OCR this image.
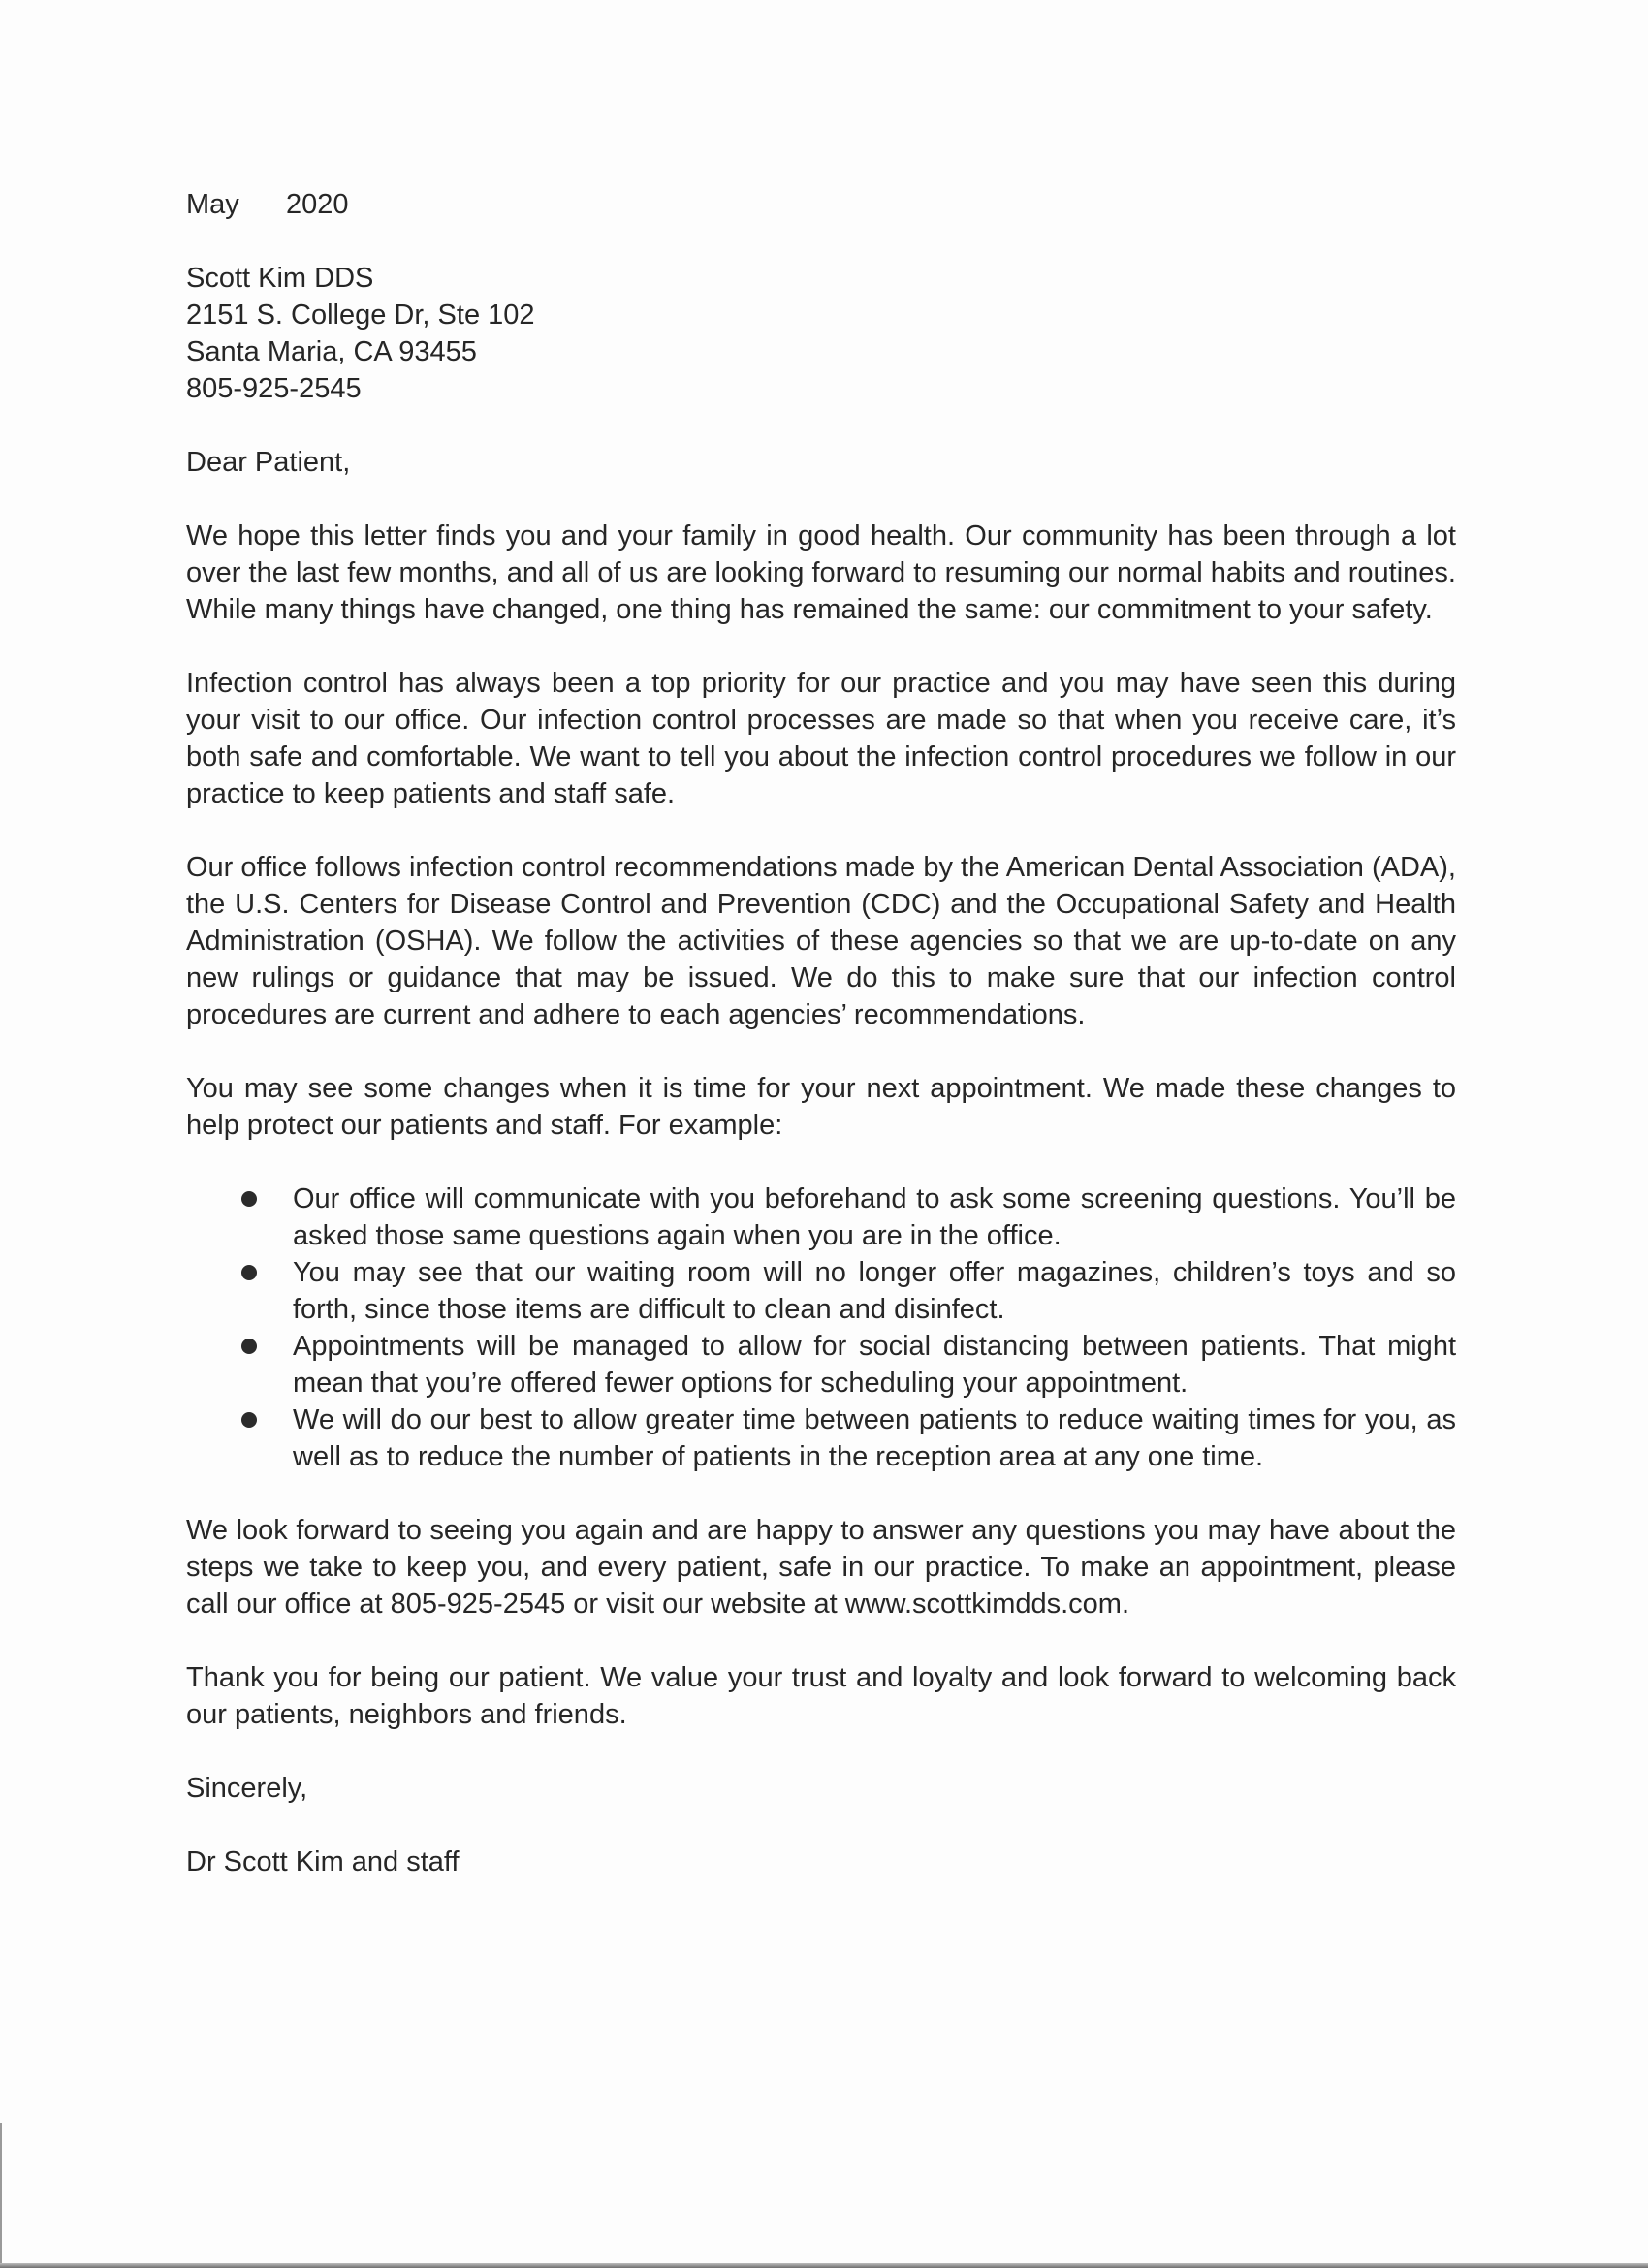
May 2020
Scott Kim DDS
2151 S. College Dr, Ste 102
Santa Maria, CA 93455
805-925-2545
Dear Patient,

We hope this letter finds you and your family in good health. Our community has been through a lot over the last few months, and all of us are looking forward to resuming our normal habits and routines. While many things have changed, one thing has remained the same: our commitment to your safety.

Infection control has always been a top priority for our practice and you may have seen this during your visit to our office. Our infection control processes are made so that when you receive care, it’s both safe and comfortable. We want to tell you about the infection control procedures we follow in our practice to keep patients and staff safe.

Our office follows infection control recommendations made by the American Dental Association (ADA), the U.S. Centers for Disease Control and Prevention (CDC) and the Occupational Safety and Health Administration (OSHA). We follow the activities of these agencies so that we are up-to-date on any new rulings or guidance that may be issued. We do this to make sure that our infection control procedures are current and adhere to each agencies’ recommendations.

You may see some changes when it is time for your next appointment. We made these changes to help protect our patients and staff. For example:

Our office will communicate with you beforehand to ask some screening questions. You’ll be asked those same questions again when you are in the office.
You may see that our waiting room will no longer offer magazines, children’s toys and so forth, since those items are difficult to clean and disinfect.
Appointments will be managed to allow for social distancing between patients. That might mean that you’re offered fewer options for scheduling your appointment.
We will do our best to allow greater time between patients to reduce waiting times for you, as well as to reduce the number of patients in the reception area at any one time.

We look forward to seeing you again and are happy to answer any questions you may have about the steps we take to keep you, and every patient, safe in our practice. To make an appointment, please call our office at 805-925-2545 or visit our website at www.scottkimdds.com.

Thank you for being our patient. We value your trust and loyalty and look forward to welcoming back our patients, neighbors and friends.

Sincerely,
Dr Scott Kim and staff
